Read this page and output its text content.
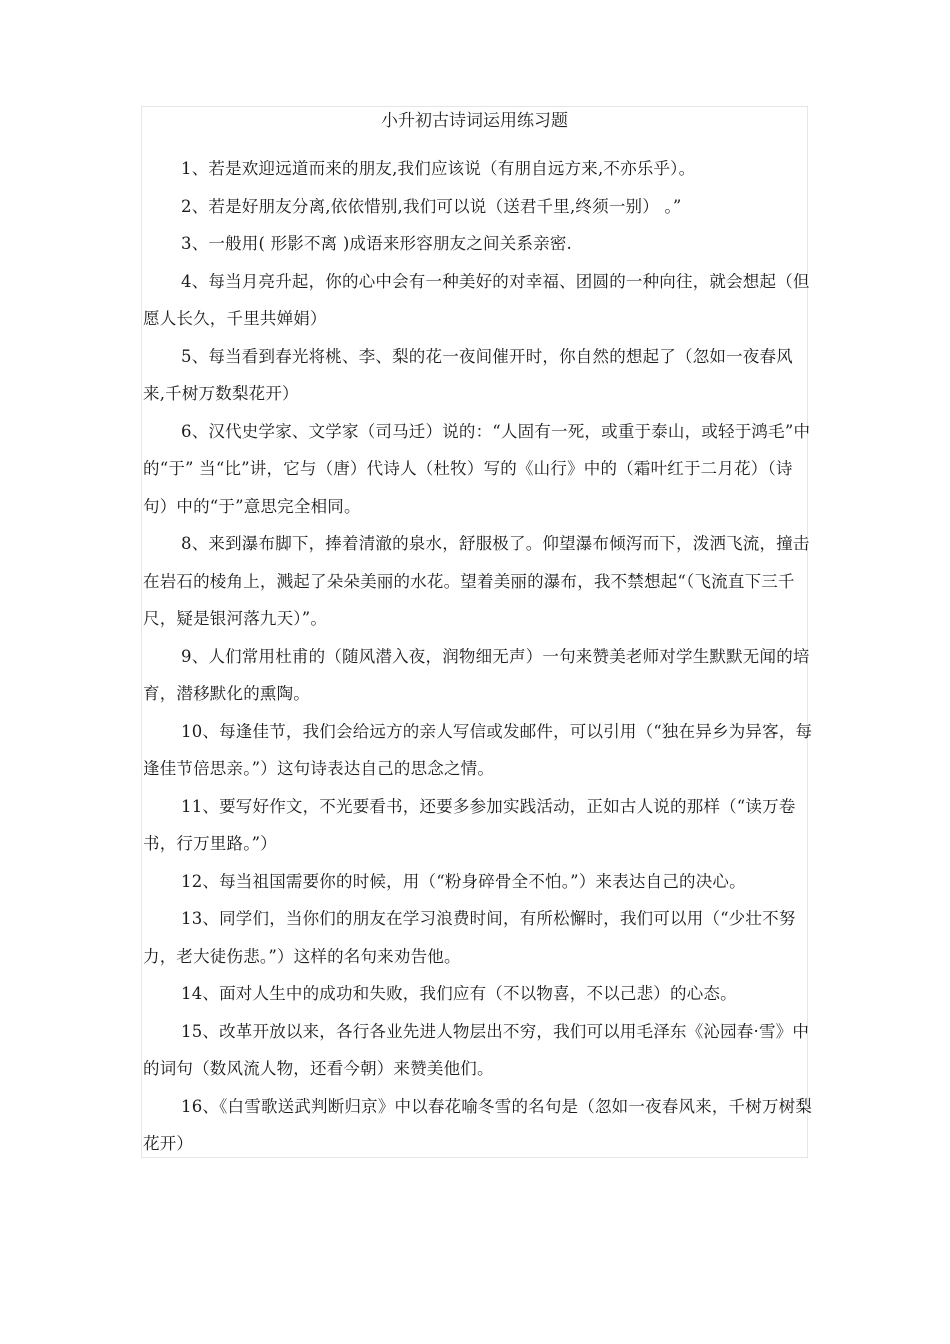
小升初古诗词运用练习题
1、若是欢迎远道而来的朋友,我们应该说（有朋自远方来,不亦乐乎）。
2、若是好朋友分离,依依惜别,我们可以说（送君千里,终须一别） 。”
3、一般用( 形影不离 )成语来形容朋友之间关系亲密.
4、每当月亮升起，你的心中会有一种美好的对幸福、团圆的一种向往，就会想起（但愿人长久，千里共婵娟）
5、每当看到春光将桃、李、梨的花一夜间催开时，你自然的想起了（忽如一夜春风来,千树万数梨花开）
6、汉代史学家、文学家（司马迁）说的：“人固有一死，或重于泰山，或轻于鸿毛”中的“于” 当“比”讲，它与（唐）代诗人（杜牧）写的《山行》中的（霜叶红于二月花）（诗句）中的“于”意思完全相同。
8、来到瀑布脚下，捧着清澈的泉水，舒服极了。仰望瀑布倾泻而下，泼洒飞流，撞击在岩石的棱角上，溅起了朵朵美丽的水花。望着美丽的瀑布，我不禁想起“（飞流直下三千尺，疑是银河落九天）”。
9、人们常用杜甫的（随风潜入夜，润物细无声）一句来赞美老师对学生默默无闻的培育，潜移默化的熏陶。
10、每逢佳节，我们会给远方的亲人写信或发邮件，可以引用（“独在异乡为异客，每逢佳节倍思亲。”）这句诗表达自己的思念之情。
11、要写好作文，不光要看书，还要多参加实践活动，正如古人说的那样（“读万卷书，行万里路。”）
12、每当祖国需要你的时候，用（“粉身碎骨全不怕。”）来表达自己的决心。
13、同学们，当你们的朋友在学习浪费时间，有所松懈时，我们可以用（“少壮不努力，老大徒伤悲。”）这样的名句来劝告他。
14、面对人生中的成功和失败，我们应有（不以物喜，不以己悲）的心态。
15、改革开放以来，各行各业先进人物层出不穷，我们可以用毛泽东《沁园春·雪》中的词句（数风流人物，还看今朝）来赞美他们。
16、《白雪歌送武判断归京》中以春花喻冬雪的名句是（忽如一夜春风来，千树万树梨花开）
